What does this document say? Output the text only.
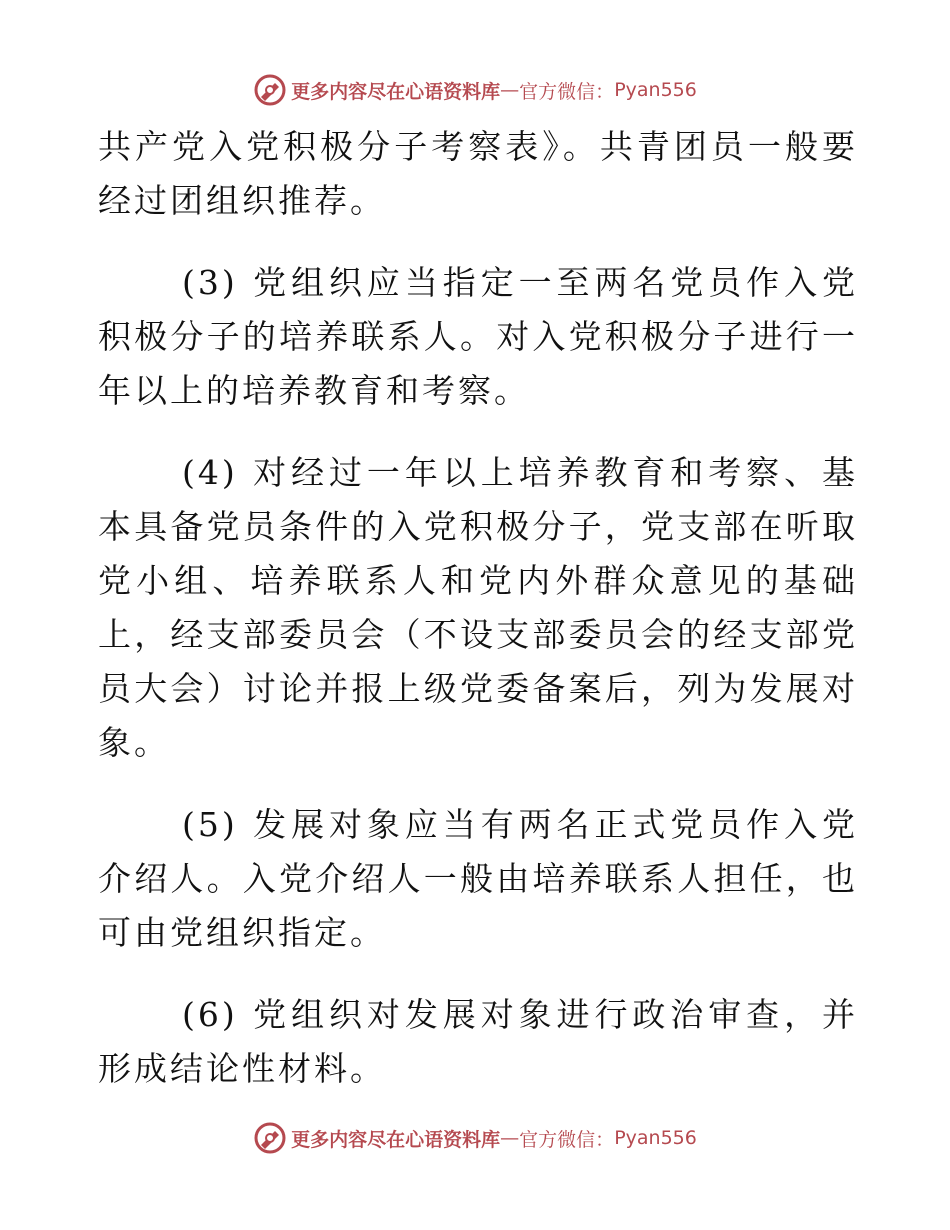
更多内容尽在心语资料库 — 官方微信： Pyan556

共产党入党积极分子考察表》。共青团员一般要经过团组织推荐。

(3) 党组织应当指定一至两名党员作入党积极分子的培养联系人。对入党积极分子进行一年以上的培养教育和考察。

(4) 对经过一年以上培养教育和考察、基本具备党员条件的入党积极分子，党支部在听取党小组、培养联系人和党内外群众意见的基础上，经支部委员会（不设支部委员会的经支部党员大会）讨论并报上级党委备案后，列为发展对象。

(5) 发展对象应当有两名正式党员作入党介绍人。入党介绍人一般由培养联系人担任，也可由党组织指定。

(6) 党组织对发展对象进行政治审查，并形成结论性材料。

更多内容尽在心语资料库 — 官方微信： Pyan556
